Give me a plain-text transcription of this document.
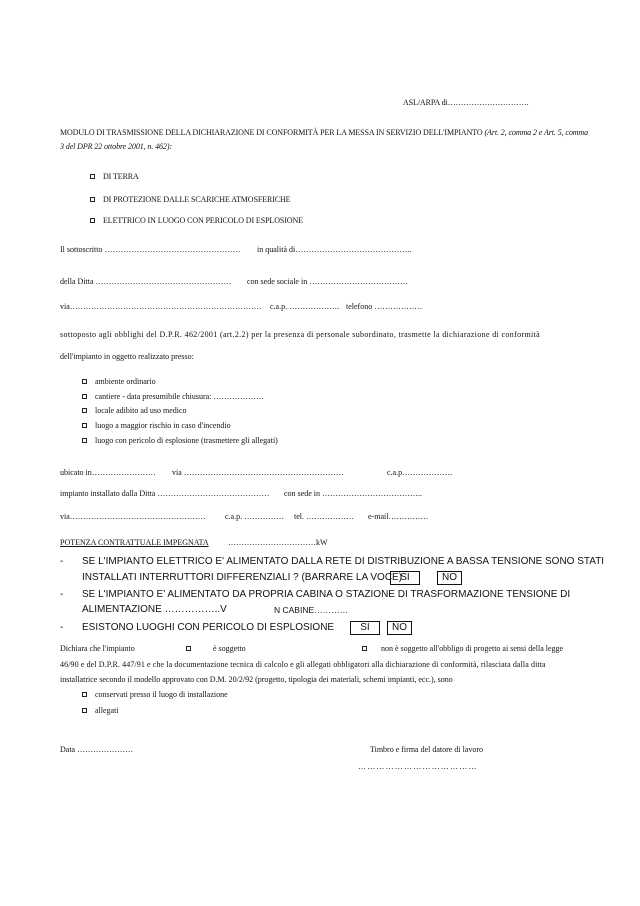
ASL/ARPA di………………………….
MODULO DI TRASMISSIONE DELLA DICHIARAZIONE DI CONFORMITÀ PER LA MESSA IN SERVIZIO DELL'IMPIANTO (Art. 2, comma 2 e Art. 5, comma 3 del DPR 22 ottobre 2001, n. 462):
DI TERRA
DI PROTEZIONE DALLE SCARICHE ATMOSFERICHE
ELETTRICO IN LUOGO CON PERICOLO DI ESPLOSIONE
Il sottoscritto …………………………………………… in qualità di……………………………………..
della Ditta …………………………………………… con sede sociale in ……………………………….
via……………………………………………………………… c.a.p. ………………. telefono ………………
sottoposto agli obblighi del D.P.R. 462/2001 (art.2.2) per la presenza di personale subordinato, trasmette la dichiarazione di conformità
dell'impianto in oggetto realizzato presso:
ambiente ordinario
cantiere - data presumibile chiusura: ……………….
locale adibito ad uso medico
luogo a maggior rischio in caso d'incendio
luogo con pericolo di esplosione (trasmettere gli allegati)
ubicato in…………………… via ……………………………………………………	c.a.p……………….
impianto installato dalla Ditta …………………………………… con sede in ………………………………..
via…………………………………………… c.a.p. …………… tel. ……………… e-mail……………
POTENZA CONTRATTUALE IMPEGNATA ……………………………kW
- SE L'IMPIANTO ELETTRICO E' ALIMENTATO DALLA RETE DI DISTRIBUZIONE A BASSA TENSIONE SONO STATI
INSTALLATI INTERRUTTORI DIFFERENZIALI ? (BARRARE LA VOCE)
SI	NO
- SE L'IMPIANTO E' ALIMENTATO DA PROPRIA CABINA O STAZIONE DI TRASFORMAZIONE TENSIONE DI
ALIMENTAZIONE ……………..V	N CABINE…………
- ESISTONO LUOGHI CON PERICOLO DI ESPLOSIONE	SI	NO
Dichiara che l'impianto	è soggetto	non è soggetto all'obbligo di progetto ai sensi della legge
46/90 e del D.P.R. 447/91 e che la documentazione tecnica di calcolo e gli allegati obbligatori alla dichiarazione di conformità, rilasciata dalla ditta
installatrice secondo il modello approvato con D.M. 20/2/92 (progetto, tipologia dei materiali, schemi impianti, ecc.), sono
conservati presso il luogo di installazione
allegati
Data …………………	Timbro e firma del datore di lavoro
…………………………………
